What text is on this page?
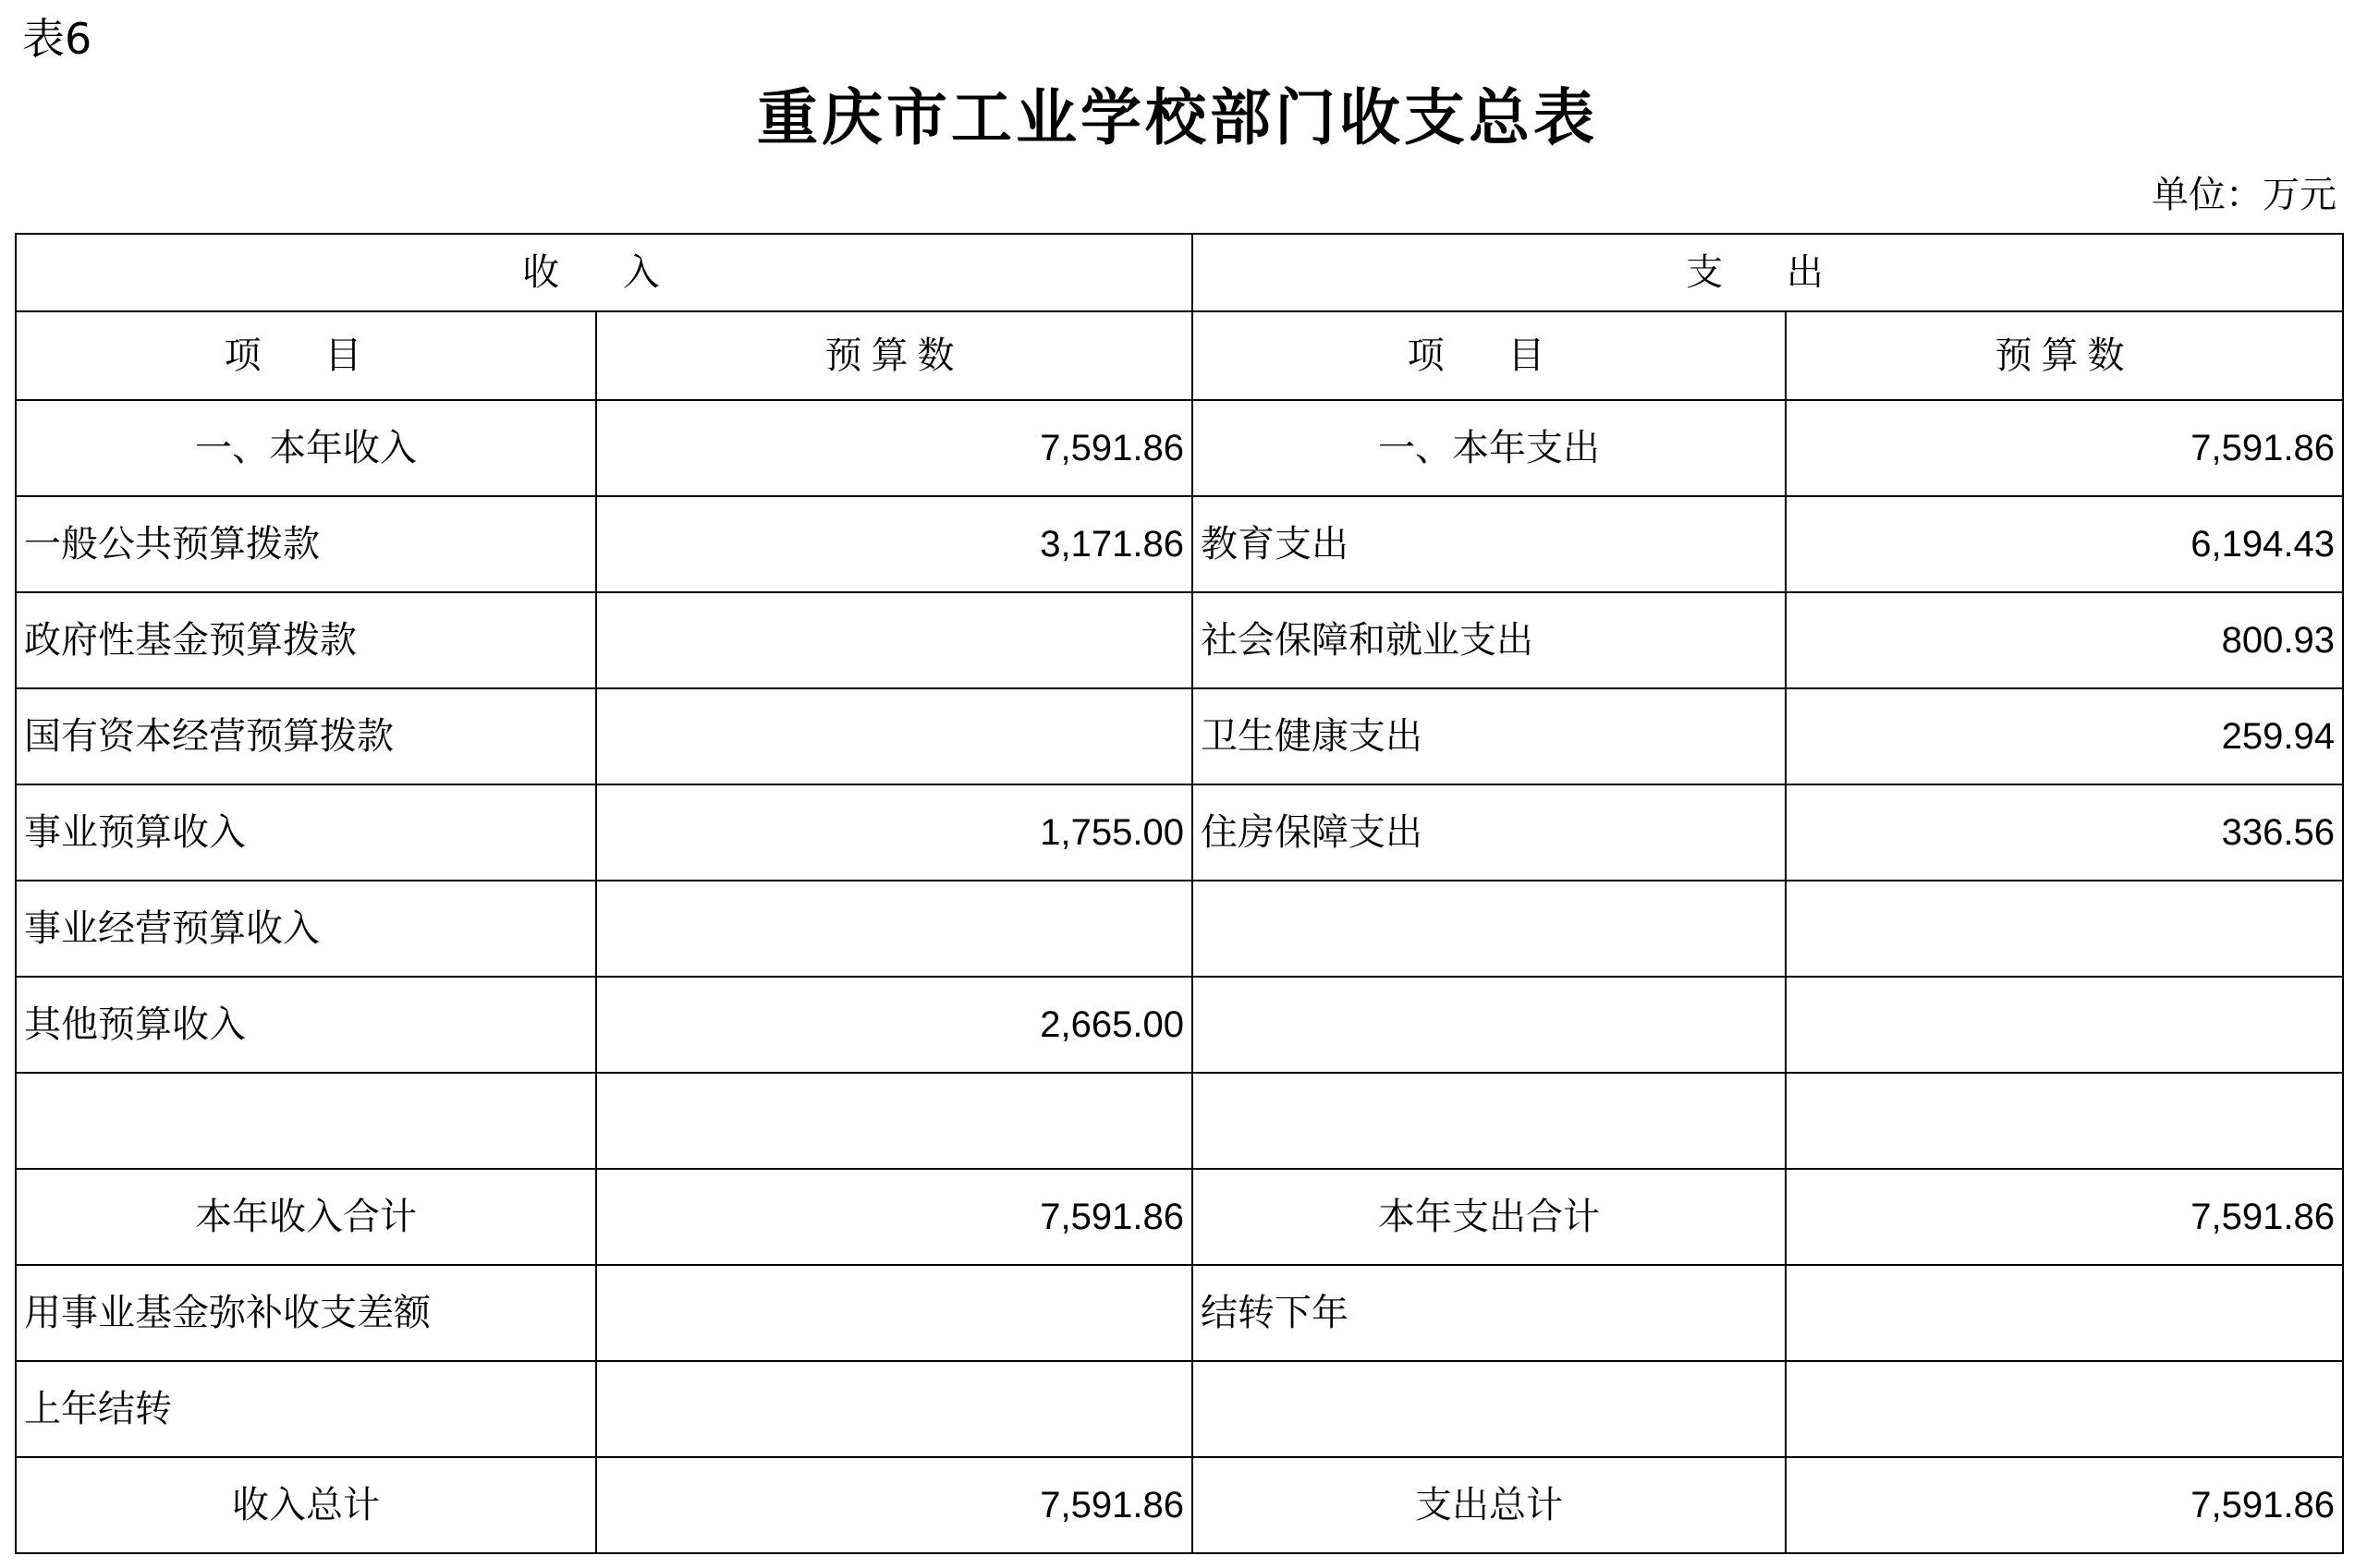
表6
重庆市工业学校部门收支总表
单位：万元
收 入		支 出	
项 目	预算数	项 目	预算数
一、本年收入	7,591.86	一、本年支出	7,591.86
一般公共预算拨款	3,171.86	教育支出	6,194.43
政府性基金预算拨款		社会保障和就业支出	800.93
国有资本经营预算拨款		卫生健康支出	259.94
事业预算收入	1,755.00	住房保障支出	336.56
事业经营预算收入			
其他预算收入	2,665.00		

本年收入合计	7,591.86	本年支出合计	7,591.86
用事业基金弥补收支差额		结转下年	
上年结转			
收入总计	7,591.86	支出总计	7,591.86
